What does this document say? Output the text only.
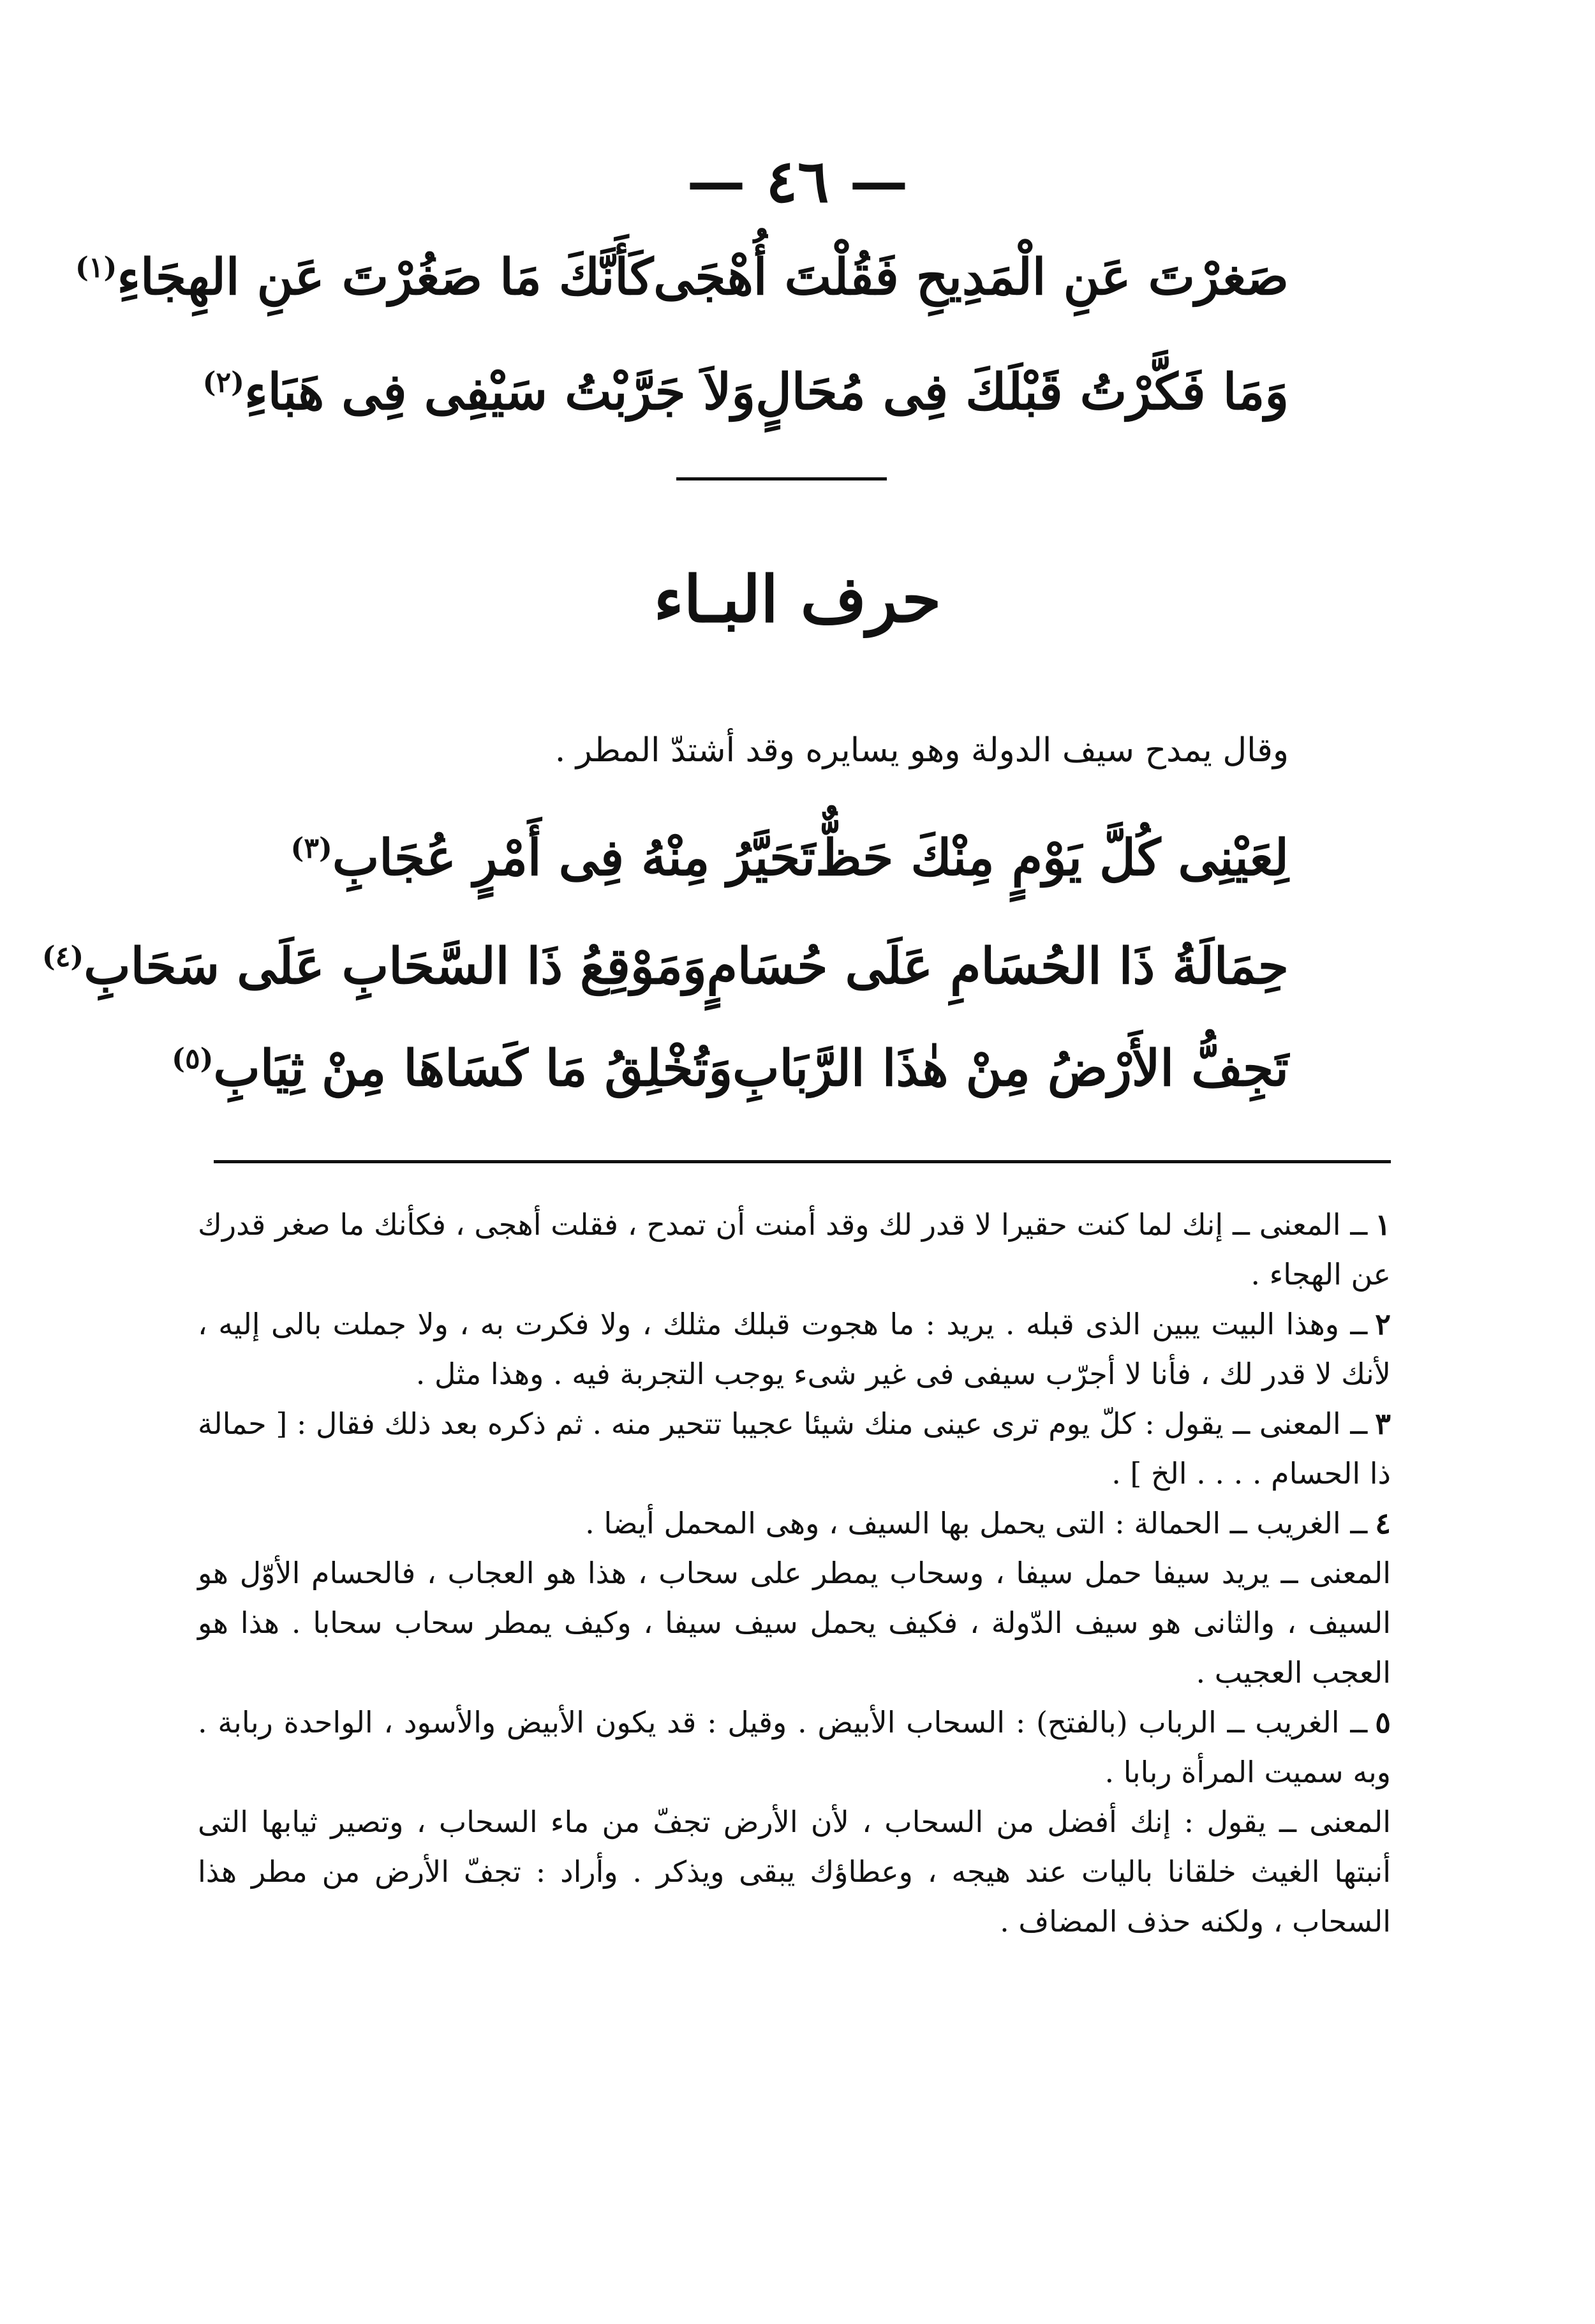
— ٤٦ —
صَغرْتَ عَنِ الْمَدِيحِ فَقُلْتَ أُهْجَى
كَأَنَّكَ مَا صَغُرْتَ عَنِ الهِجَاءِ$^{(١)}$
وَمَا فَكَّرْتُ قَبْلَكَ فِى مُحَالٍ
وَلاَ جَرَّبْتُ سَيْفِى فِى هَبَاءِ$^{(٢)}$
حرف البـاء
وقال يمدح سيف الدولة وهو يسايره وقد أشتدّ المطر .
لِعَيْنِى كُلَّ يَوْمٍ مِنْكَ حَظٌّ
تَحَيَّرُ مِنْهُ فِى أَمْرٍ عُجَابِ$^{(٣)}$
حِمَالَةُ ذَا الحُسَامِ عَلَى حُسَامٍ
وَمَوْقِعُ ذَا السَّحَابِ عَلَى سَحَابِ$^{(٤)}$
تَجِفُّ الأَرْضُ مِنْ هٰذَا الرَّبَابِ
وَتُخْلِقُ مَا كَسَاهَا مِنْ ثِيَابِ$^{(٥)}$

١ــ المعنى ــ إنك لما كنت حقيرا لا قدر لك وقد أمنت أن تمدح ، فقلت أهجى ، فكأنك ما صغر قدرك عن الهجاء .

٢ــ وهذا البيت يبين الذى قبله . يريد : ما هجوت قبلك مثلك ، ولا فكرت به ، ولا جملت بالى إليه ، لأنك لا قدر لك ، فأنا لا أجرّب سيفى فى غير شىء يوجب التجربة فيه . وهذا مثل .

٣ــ المعنى ــ يقول : كلّ يوم ترى عينى منك شيئا عجيبا تتحير منه . ثم ذكره بعد ذلك فقال : [ حمالة ذا الحسام . . . . الخ ] .

٤ــ الغريب ــ الحمالة : التى يحمل بها السيف ، وهى المحمل أيضا .

المعنى ــ يريد سيفا حمل سيفا ، وسحاب يمطر على سحاب ، هذا هو العجاب ، فالحسام الأوّل هو السيف ، والثانى هو سيف الدّولة ، فكيف يحمل سيف سيفا ، وكيف يمطر سحاب سحابا . هذا هو العجب العجيب .

٥ــ الغريب ــ الرباب (بالفتح) : السحاب الأبيض . وقيل : قد يكون الأبيض والأسود ، الواحدة ربابة . وبه سميت المرأة ربابا .

المعنى ــ يقول : إنك أفضل من السحاب ، لأن الأرض تجفّ من ماء السحاب ، وتصير ثيابها التى أنبتها الغيث خلقانا باليات عند هيجه ، وعطاؤك يبقى ويذكر . وأراد : تجفّ الأرض من مطر هذا السحاب ، ولكنه حذف المضاف .
